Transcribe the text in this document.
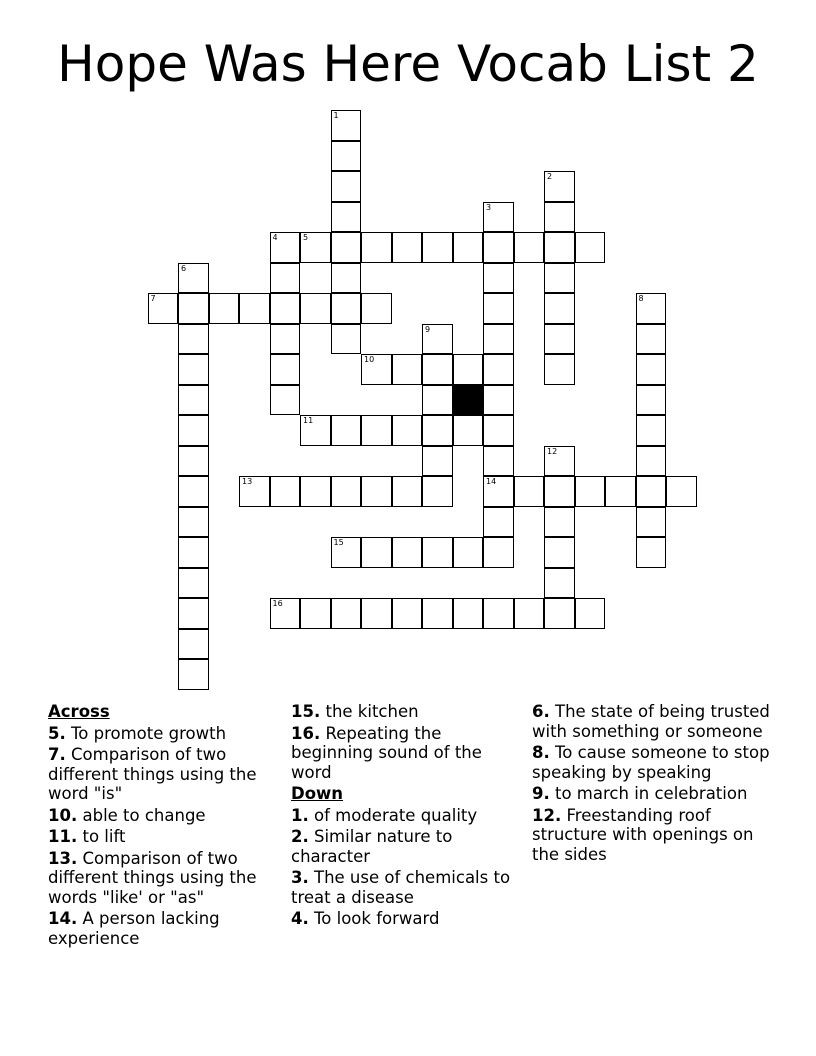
Hope Was Here Vocab List 2
1
2
3
4	5
6
7	8
9
10
11
12
13	14
15
16
Across
5. To promote growth
7. Comparison of two different things using the word "is"
10. able to change
11. to lift
13. Comparison of two different things using the words "like' or "as"
14. A person lacking experience
15. the kitchen
16. Repeating the beginning sound of the word
Down
1. of moderate quality
2. Similar nature to character
3. The use of chemicals to treat a disease
4. To look forward
6. The state of being trusted with something or someone
8. To cause someone to stop speaking by speaking
9. to march in celebration
12. Freestanding roof structure with openings on the sides
